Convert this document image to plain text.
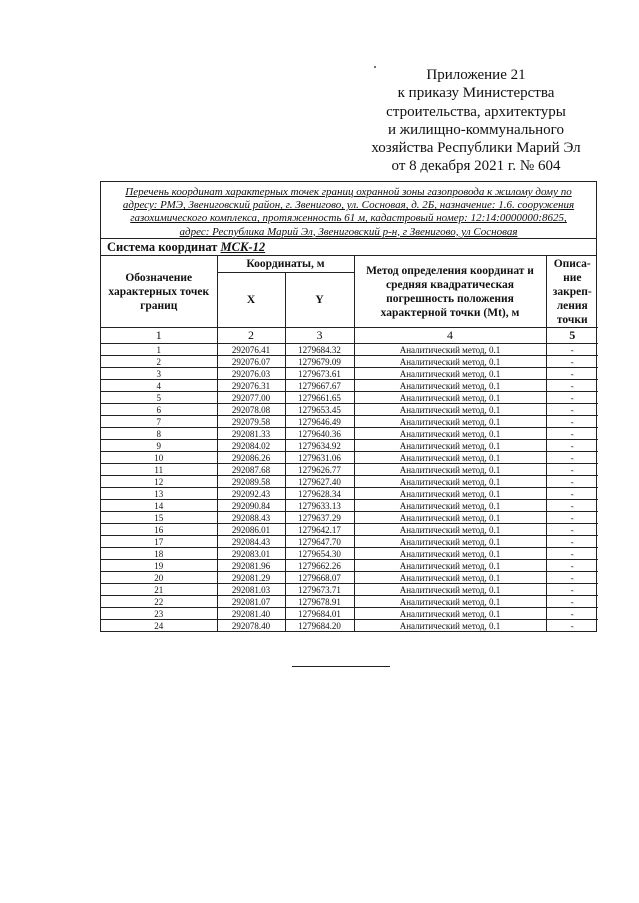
Приложение 21
к приказу Министерства
строительства, архитектуры
и жилищно-коммунального
хозяйства Республики Марий Эл
от 8 декабря 2021 г. № 604
Перечень координат характерных точек границ охранной зоны газопровода к жилому дому по
адресу: РМЭ, Звениговский район, г. Звенигово, ул. Сосновая, д. 2Б, назначение: 1.6. сооружения
газохимического комплекса, протяженность 61 м, кадастровый номер: 12:14:0000000:8625,
адрес: Республика Марий Эл, Звениговский р-н, г Звенигово, ул Сосновая
Система координат МСК-12
Обозначение характерных точек границ	Координаты, м		Метод определения координат и средняя квадратическая погрешность положения характерной точки (Mt), м	Описа-ние закреп-ления точки
	X	Y		
1	2	3	4	5
1	292076.41	1279684.32	Аналитический метод, 0.1	-
2	292076.07	1279679.09	Аналитический метод, 0.1	-
3	292076.03	1279673.61	Аналитический метод, 0.1	-
4	292076.31	1279667.67	Аналитический метод, 0.1	-
5	292077.00	1279661.65	Аналитический метод, 0.1	-
6	292078.08	1279653.45	Аналитический метод, 0.1	-
7	292079.58	1279646.49	Аналитический метод, 0.1	-
8	292081.33	1279640.36	Аналитический метод, 0.1	-
9	292084.02	1279634.92	Аналитический метод, 0.1	-
10	292086.26	1279631.06	Аналитический метод, 0.1	-
11	292087.68	1279626.77	Аналитический метод, 0.1	-
12	292089.58	1279627.40	Аналитический метод, 0.1	-
13	292092.43	1279628.34	Аналитический метод, 0.1	-
14	292090.84	1279633.13	Аналитический метод, 0.1	-
15	292088.43	1279637.29	Аналитический метод, 0.1	-
16	292086.01	1279642.17	Аналитический метод, 0.1	-
17	292084.43	1279647.70	Аналитический метод, 0.1	-
18	292083.01	1279654.30	Аналитический метод, 0.1	-
19	292081.96	1279662.26	Аналитический метод, 0.1	-
20	292081.29	1279668.07	Аналитический метод, 0.1	-
21	292081.03	1279673.71	Аналитический метод, 0.1	-
22	292081.07	1279678.91	Аналитический метод, 0.1	-
23	292081.40	1279684.01	Аналитический метод, 0.1	-
24	292078.40	1279684.20	Аналитический метод, 0.1	-
